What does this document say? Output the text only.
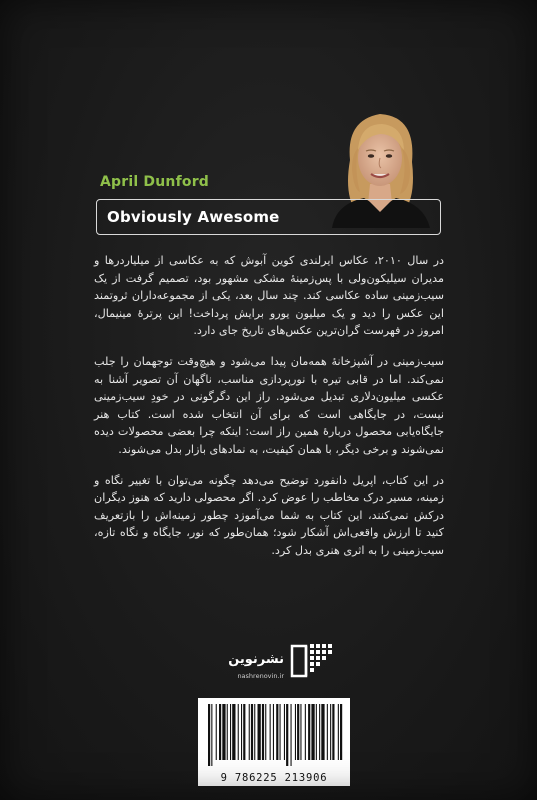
April Dunford
Obviously Awesome

در سال ۲۰۱۰، عکاس ایرلندی کوین آبوش که به عکاسی از میلیاردرها و مدیران سیلیکون‌ولی با پس‌زمینهٔ مشکی مشهور بود، تصمیم گرفت از یک سیب‌زمینی ساده عکاسی کند. چند سال بعد، یکی از مجموعه‌داران ثروتمند این عکس را دید و یک میلیون یورو برایش پرداخت! این پرترهٔ مینیمال، امروز در فهرست گران‌ترین عکس‌های تاریخ جای دارد.

سیب‌زمینی در آشپزخانهٔ همه‌مان پیدا می‌شود و هیچ‌وقت توجهمان را جلب نمی‌کند. اما در قابی تیره با نورپردازی مناسب، ناگهان آن تصویر آشنا به عکسی میلیون‌دلاری تبدیل می‌شود. راز این دگرگونی در خودِ سیب‌زمینی نیست، در جایگاهی است که برای آن انتخاب شده است. کتاب هنر جایگاه‌یابی محصول دربارهٔ همین راز است: اینکه چرا بعضی محصولات دیده نمی‌شوند و برخی دیگر، با همان کیفیت، به نمادهای بازار بدل می‌شوند.

در این کتاب، اپریل دانفورد توضیح می‌دهد چگونه می‌توان با تغییر نگاه و زمینه، مسیر درک مخاطب را عوض کرد. اگر محصولی دارید که هنوز دیگران درکش نمی‌کنند، این کتاب به شما می‌آموزد چطور زمینه‌اش را بازتعریف کنید تا ارزش واقعی‌اش آشکار شود؛ همان‌طور که نور، جایگاه و نگاه تازه، سیب‌زمینی را به اثری هنری بدل کرد.

نشرنوین
nashrenovin.ir
9 786225 213906
